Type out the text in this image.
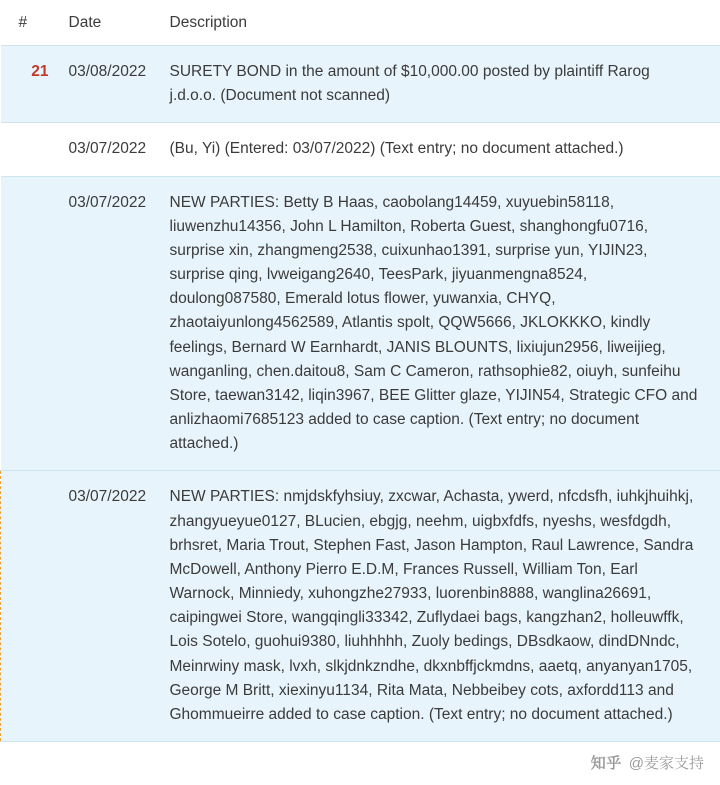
#	Date	Description
21	03/08/2022	SURETY BOND in the amount of $10,000.00 posted by plaintiff Rarog j.d.o.o. (Document not scanned)
	03/07/2022	(Bu, Yi) (Entered: 03/07/2022) (Text entry; no document attached.)
	03/07/2022	NEW PARTIES: Betty B Haas, caobolang14459, xuyuebin58118, liuwenzhu14356, John L Hamilton, Roberta Guest, shanghongfu0716, surprise xin, zhangmeng2538, cuixunhao1391, surprise yun, YIJIN23, surprise qing, lvweigang2640, TeesPark, jiyuanmengna8524, doulong087580, Emerald lotus flower, yuwanxia, CHYQ, zhaotaiyunlong4562589, Atlantis spolt, QQW5666, JKLOKKKO, kindly feelings, Bernard W Earnhardt, JANIS BLOUNTS, lixiujun2956, liweijieg, wanganling, chen.daitou8, Sam C Cameron, rathsophie82, oiuyh, sunfeihu Store, taewan3142, liqin3967, BEE Glitter glaze, YIJIN54, Strategic CFO and anlizhaomi7685123 added to case caption. (Text entry; no document attached.)
	03/07/2022	NEW PARTIES: nmjdskfyhsiuy, zxcwar, Achasta, ywerd, nfcdsfh, iuhkjhuihkj, zhangyueyue0127, BLucien, ebgjg, neehm, uigbxfdfs, nyeshs, wesfdgdh, brhsret, Maria Trout, Stephen Fast, Jason Hampton, Raul Lawrence, Sandra McDowell, Anthony Pierro E.D.M, Frances Russell, William Ton, Earl Warnock, Minniedy, xuhongzhe27933, luorenbin8888, wanglina26691, caipingwei Store, wangqingli33342, Zuflydaei bags, kangzhan2, holleuwffk, Lois Sotelo, guohui9380, liuhhhhh, Zuoly bedings, DBsdkaow, dindDNndc, Meinrwiny mask, lvxh, slkjdnkzndhe, dkxnbffjckmdns, aaetq, anyanyan1705, George M Britt, xiexinyu1134, Rita Mata, Nebbeibey cots, axfordd113 and Ghommueirre added to case caption. (Text entry; no document attached.)
知乎 @麦家支持
